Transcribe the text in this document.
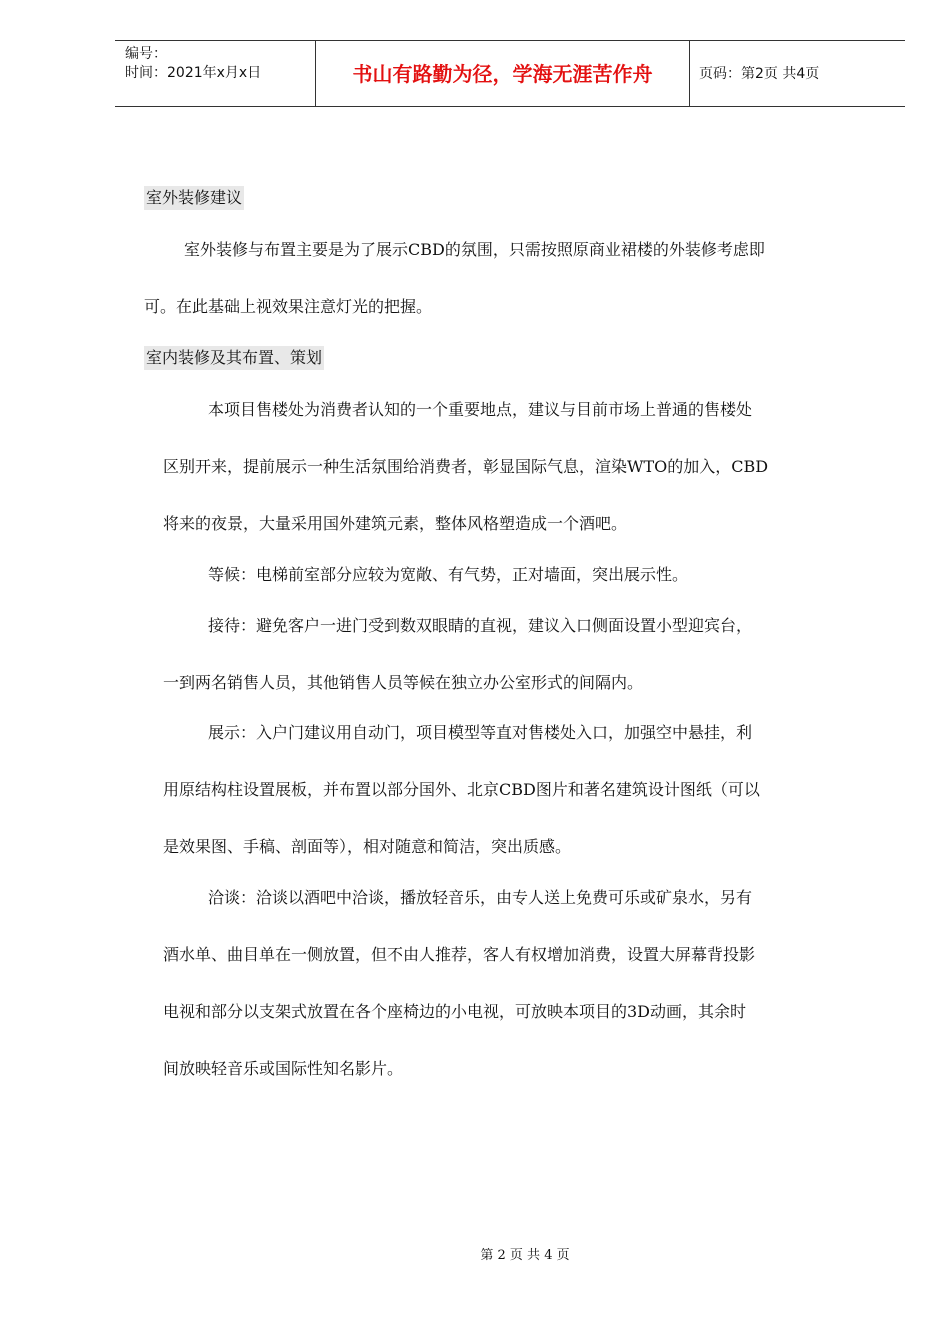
编号：
时间：2021年x月x日	书山有路勤为径，学海无涯苦作舟	页码：第2页 共4页
室外装修建议
室外装修与布置主要是为了展示CBD的氛围，只需按照原商业裙楼的外装修考虑即
可。在此基础上视效果注意灯光的把握。
室内装修及其布置、策划
本项目售楼处为消费者认知的一个重要地点，建议与目前市场上普通的售楼处
区别开来，提前展示一种生活氛围给消费者，彰显国际气息，渲染WTO的加入，CBD
将来的夜景，大量采用国外建筑元素，整体风格塑造成一个酒吧。
等候：电梯前室部分应较为宽敞、有气势，正对墙面，突出展示性。
接待：避免客户一进门受到数双眼睛的直视，建议入口侧面设置小型迎宾台，
一到两名销售人员，其他销售人员等候在独立办公室形式的间隔内。
展示：入户门建议用自动门，项目模型等直对售楼处入口，加强空中悬挂，利
用原结构柱设置展板，并布置以部分国外、北京CBD图片和著名建筑设计图纸（可以
是效果图、手稿、剖面等），相对随意和简洁，突出质感。
洽谈：洽谈以酒吧中洽谈，播放轻音乐，由专人送上免费可乐或矿泉水，另有
酒水单、曲目单在一侧放置，但不由人推荐，客人有权增加消费，设置大屏幕背投影
电视和部分以支架式放置在各个座椅边的小电视，可放映本项目的3D动画，其余时
间放映轻音乐或国际性知名影片。
第 2 页 共 4 页
